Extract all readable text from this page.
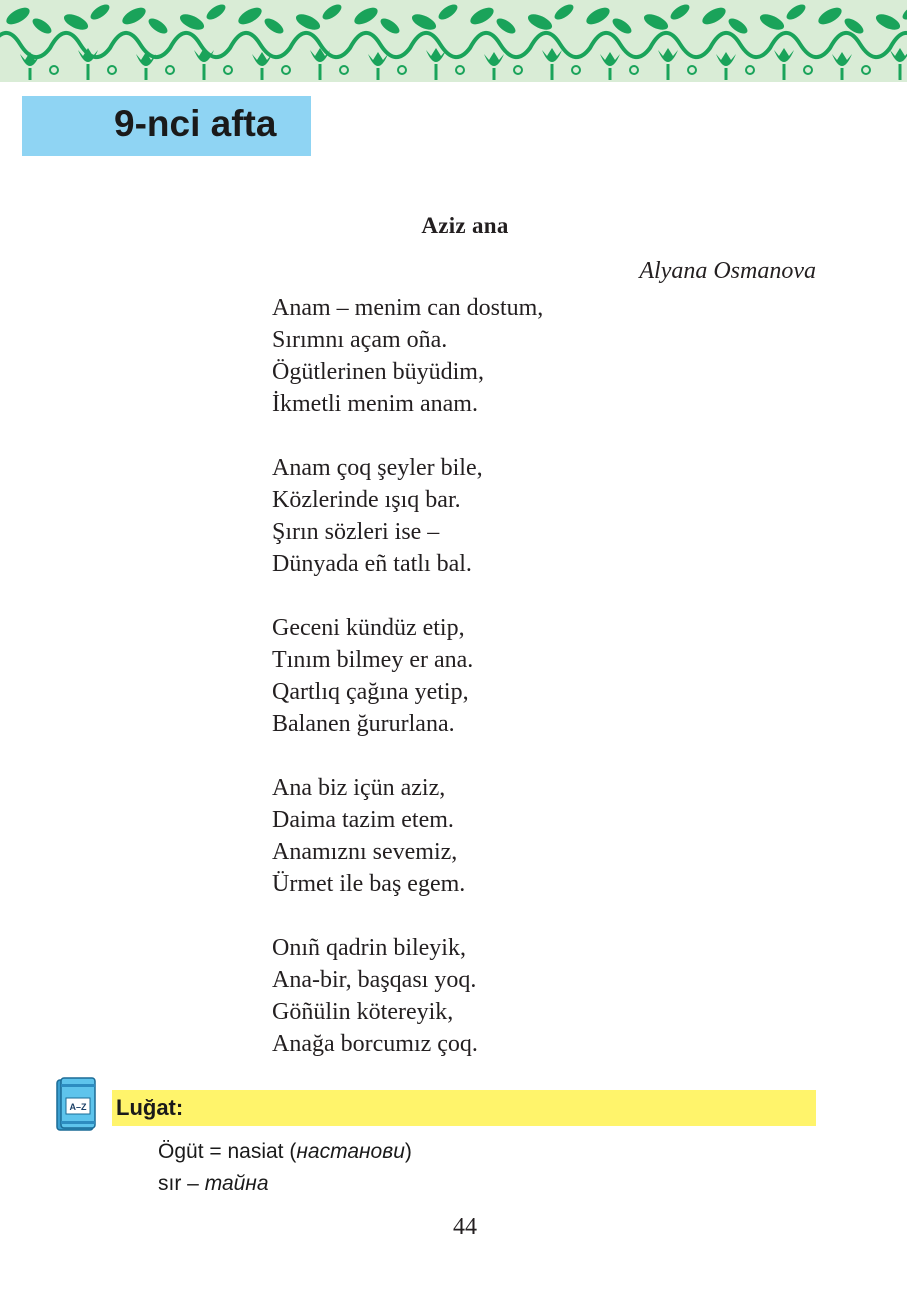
9-nci afta
Aziz ana
Alyana Osmanova
Anam – menim can dostum,
Sırımnı açam oña.
Ögütlerinen büyüdim,
İkmetli menim anam.
Anam çoq şeyler bile,
Közlerinde ışıq bar.
Şırın sözleri ise –
Dünyada eñ tatlı bal.
Geceni kündüz etip,
Tınım bilmey er ana.
Qartlıq çağına yetip,
Balanen ğururlana.
Ana biz içün aziz,
Daima tazim etem.
Anamıznı sevemiz,
Ürmet ile baş egem.
Onıñ qadrin bileyik,
Ana-bir, başqası yoq.
Göñülin kötereyik,
Anağa borcumız çoq.
A–Z Luğat:
Ögüt = nasiat (настанови)
sır – тайна
44
